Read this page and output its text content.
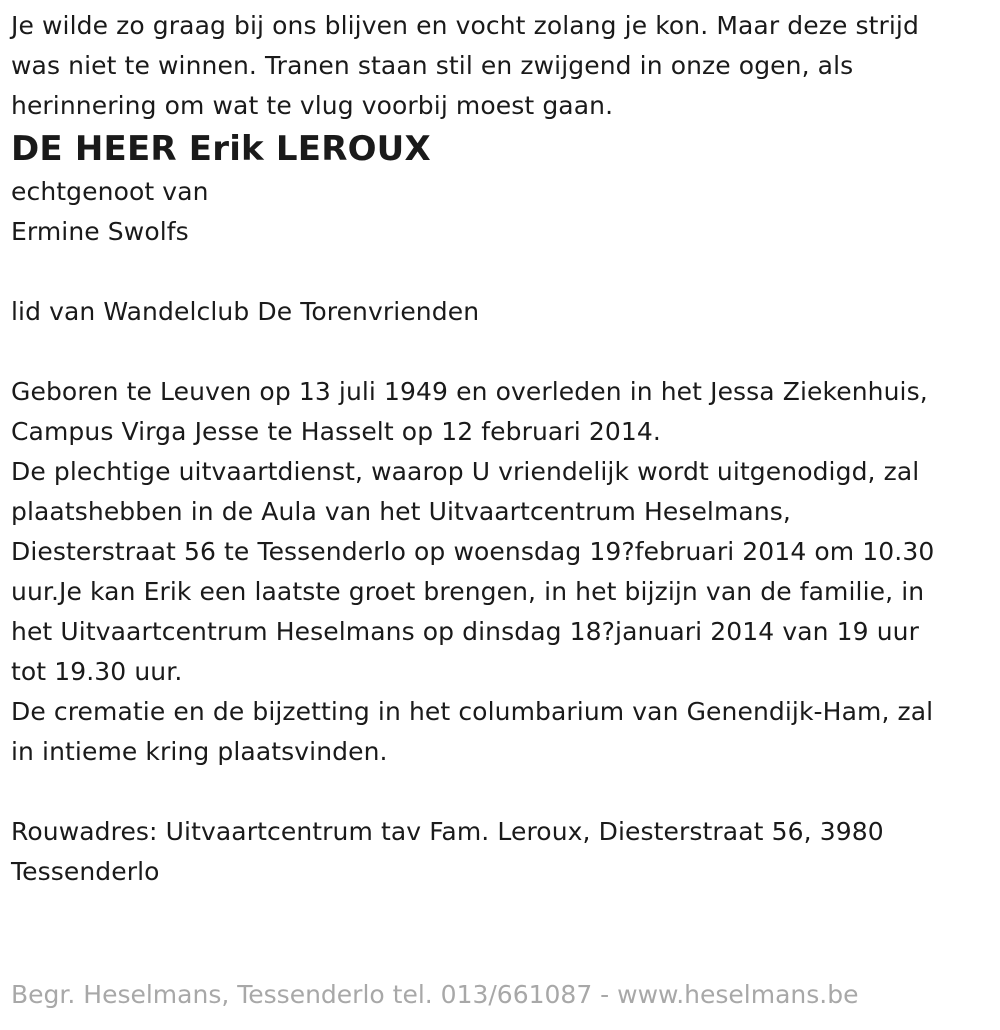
Je wilde zo graag bij ons blijven en vocht zolang je kon. Maar deze strijd

was niet te winnen. Tranen staan stil en zwijgend in onze ogen, als

herinnering om wat te vlug voorbij moest gaan.

DE HEER Erik LEROUX

echtgenoot van

Ermine Swolfs

lid van Wandelclub De Torenvrienden

Geboren te Leuven op 13 juli 1949 en overleden in het Jessa Ziekenhuis,

Campus Virga Jesse te Hasselt op 12 februari 2014.

De plechtige uitvaartdienst, waarop U vriendelijk wordt uitgenodigd, zal

plaatshebben in de Aula van het Uitvaartcentrum Heselmans,

Diesterstraat 56 te Tessenderlo op woensdag 19?februari 2014 om 10.30

uur.Je kan Erik een laatste groet brengen, in het bijzijn van de familie, in

het Uitvaartcentrum Heselmans op dinsdag 18?januari 2014 van 19 uur

tot 19.30 uur.

De crematie en de bijzetting in het columbarium van Genendijk-Ham, zal

in intieme kring plaatsvinden.

Rouwadres: Uitvaartcentrum tav Fam. Leroux, Diesterstraat 56, 3980

Tessenderlo

Begr. Heselmans, Tessenderlo tel. 013/661087 - www.heselmans.be
